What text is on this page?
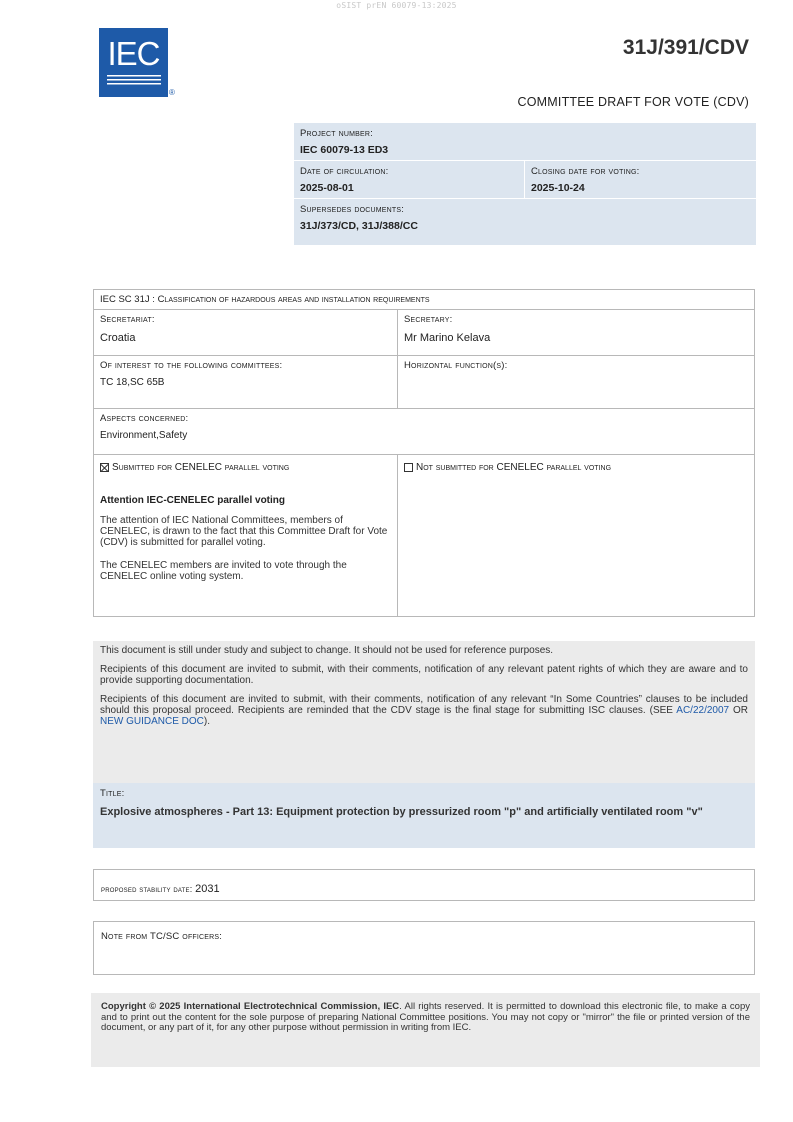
oSIST prEN 60079-13:2025
IEC
®
31J/391/CDV
COMMITTEE DRAFT FOR VOTE (CDV)
Project number:
IEC 60079-13 ED3
Date of circulation:
2025-08-01
Closing date for voting:
2025-10-24
Supersedes documents:
31J/373/CD, 31J/388/CC
IEC SC 31J : Classification of hazardous areas and installation requirements
Secretariat:
Croatia
Secretary:
Mr Marino Kelava
Of interest to the following committees:
TC 18,SC 65B
Horizontal function(s):
Aspects concerned:
Environment,Safety
Submitted for CENELEC parallel voting
Attention IEC-CENELEC parallel voting
The attention of IEC National Committees, members of CENELEC, is drawn to the fact that this Committee Draft for Vote (CDV) is submitted for parallel voting.
The CENELEC members are invited to vote through the CENELEC online voting system.
Not submitted for CENELEC parallel voting

This document is still under study and subject to change. It should not be used for reference purposes.

Recipients of this document are invited to submit, with their comments, notification of any relevant patent rights of which they are aware and to provide supporting documentation.

Recipients of this document are invited to submit, with their comments, notification of any relevant “In Some Countries” clauses to be included should this proposal proceed. Recipients are reminded that the CDV stage is the final stage for submitting ISC clauses. (SEE AC/22/2007 OR NEW GUIDANCE DOC).

Title:
Explosive atmospheres - Part 13: Equipment protection by pressurized room "p" and artificially ventilated room "v"
proposed stability date: 2031
Note from TC/SC officers:

Copyright © 2025 International Electrotechnical Commission, IEC. All rights reserved. It is permitted to download this electronic file, to make a copy and to print out the content for the sole purpose of preparing National Committee positions. You may not copy or "mirror" the file or printed version of the document, or any part of it, for any other purpose without permission in writing from IEC.
